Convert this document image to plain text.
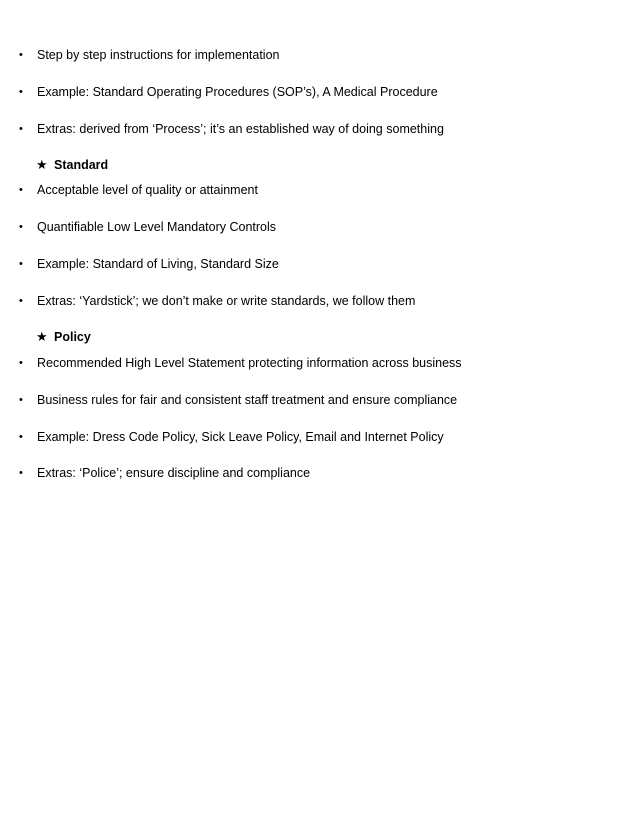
• Step by step instructions for implementation
• Example: Standard Operating Procedures (SOP’s), A Medical Procedure
• Extras: derived from ‘Process’; it’s an established way of doing something
★ Standard
• Acceptable level of quality or attainment
• Quantifiable Low Level Mandatory Controls
• Example: Standard of Living, Standard Size
• Extras: ‘Yardstick’; we don’t make or write standards, we follow them
★ Policy
• Recommended High Level Statement protecting information across business
• Business rules for fair and consistent staff treatment and ensure compliance
• Example: Dress Code Policy, Sick Leave Policy, Email and Internet Policy
• Extras: ‘Police’; ensure discipline and compliance
